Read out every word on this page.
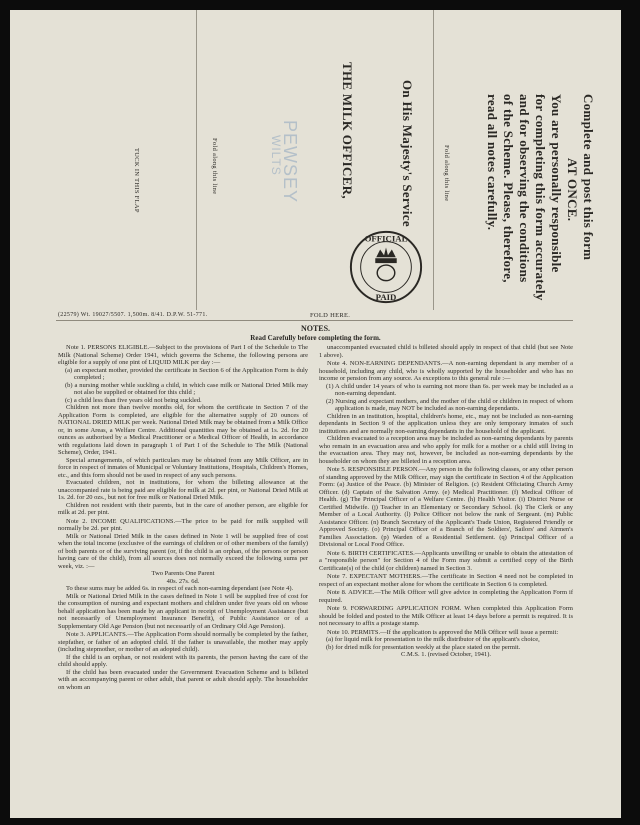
Complete and post this form
AT ONCE.
You are personally responsible
for completing this form accurately
and for observing the conditions
of the Scheme. Please, therefore,
read all notes carefully.
Fold along this line
On His Majesty's Service
THE MILK OFFICER,
OFFICIAL
PAID
PEWSEY
WILTS
Fold along this line
TUCK IN THIS FLAP
(22579) Wt. 19027/5507. 1,500m. 8/41. D.P.W. 51-771.	FOLD HERE.
NOTES.
Read Carefully before completing the form.

Note 1. PERSONS ELIGIBLE.—Subject to the provisions of Part I of the Schedule to The Milk (National Scheme) Order 1941, which governs the Scheme, the following persons are eligible for a supply of one pint of LIQUID MILK per day :—

(a) an expectant mother, provided the certificate in Section 6 of the Application Form is duly completed ;

(b) a nursing mother while suckling a child, in which case milk or National Dried Milk may not also be supplied or obtained for this child ;

(c) a child less than five years old not being suckled.

Children not more than twelve months old, for whom the certificate in Section 7 of the Application Form is completed, are eligible for the alternative supply of 20 ounces of NATIONAL DRIED MILK per week. National Dried Milk may be obtained from a Milk Office or, in some Areas, a Welfare Centre. Additional quantities may be obtained at 1s. 2d. for 20 ounces as authorised by a Medical Practitioner or a Medical Officer of Health, in accordance with regulations laid down in paragraph 1 of Part I of the Schedule to The Milk (National Scheme), Order, 1941.

Special arrangements, of which particulars may be obtained from any Milk Officer, are in force in respect of inmates of Municipal or Voluntary Institutions, Hospitals, Children's Homes, etc., and this form should not be used in respect of any such persons.

Evacuated children, not in institutions, for whom the billeting allowance at the unaccompanied rate is being paid are eligible for milk at 2d. per pint, or National Dried Milk at 1s. 2d. for 20 ozs., but not for free milk or National Dried Milk.

Children not resident with their parents, but in the care of another person, are eligible for milk at 2d. per pint.

Note 2. INCOME QUALIFICATIONS.—The price to be paid for milk supplied will normally be 2d. per pint.

Milk or National Dried Milk in the cases defined in Note 1 will be supplied free of cost when the total income (exclusive of the earnings of children or of other members of the family) of both parents or of the surviving parent (or, if the child is an orphan, of the persons or person having care of the child), from all sources does not normally exceed the following sums per week, viz. :—

Two Parents One Parent

40s. 27s. 6d.

To these sums may be added 6s. in respect of each non-earning dependant (see Note 4).

Milk or National Dried Milk in the cases defined in Note 1 will be supplied free of cost for the consumption of nursing and expectant mothers and children under five years old on whose behalf application has been made by an applicant in receipt of Unemployment Assistance (but not necessarily of Unemployment Insurance Benefit), of Public Assistance or of a Supplementary Old Age Pension (but not necessarily of an Ordinary Old Age Pension).

Note 3. APPLICANTS.—The Application Form should normally be completed by the father, stepfather, or father of an adopted child. If the father is unavailable, the mother may apply (including stepmother, or mother of an adopted child).

If the child is an orphan, or not resident with its parents, the person having the care of the child should apply.

If the child has been evacuated under the Government Evacuation Scheme and is billeted with an accompanying parent or other adult, that parent or adult should apply. The householder on whom an

unaccompanied evacuated child is billeted should apply in respect of that child (but see Note 1 above).

Note 4. NON-EARNING DEPENDANTS.—A non-earning dependant is any member of a household, including any child, who is wholly supported by the householder and who has no income or pension from any source. As exceptions to this general rule :—

(1) A child under 14 years of who is earning not more than 6s. per week may be included as a non-earning dependant.

(2) Nursing and expectant mothers, and the mother of the child or children in respect of whom application is made, may NOT be included as non-earning dependants.

Children in an institution, hospital, children's home, etc., may not be included as non-earning dependants in Section 9 of the application unless they are only temporary inmates of such institutions and are normally non-earning dependants in the household of the applicant.

Children evacuated to a reception area may be included as non-earning dependants by parents who remain in an evacuation area and who apply for milk for a mother or a child still living in the evacuation area. They may not, however, be included as non-earning dependants by the householder on whom they are billeted in a reception area.

Note 5. RESPONSIBLE PERSON.—Any person in the following classes, or any other person of standing approved by the Milk Officer, may sign the certificate in Section 4 of the Application Form: (a) Justice of the Peace. (b) Minister of Religion. (c) Resident Officiating Church Army Officer. (d) Captain of the Salvation Army. (e) Medical Practitioner. (f) Medical Officer of Health. (g) The Principal Officer of a Welfare Centre. (h) Health Visitor. (i) District Nurse or Certified Midwife. (j) Teacher in an Elementary or Secondary School. (k) The Clerk or any Member of a Local Authority. (l) Police Officer not below the rank of Sergeant. (m) Public Assistance Officer. (n) Branch Secretary of the Applicant's Trade Union, Registered Friendly or Approved Society. (o) Principal Officer of a Branch of the Soldiers', Sailors' and Airmen's Families Association. (p) Warden of a Residential Settlement. (q) Principal Officer of a Divisional or Local Food Office.

Note 6. BIRTH CERTIFICATES.—Applicants unwilling or unable to obtain the attestation of a "responsible person" for Section 4 of the Form may submit a certified copy of the Birth Certificate(s) of the child (or children) named in Section 3.

Note 7. EXPECTANT MOTHERS.—The certificate in Section 4 need not be completed in respect of an expectant mother alone for whom the certificate in Section 6 is completed.

Note 8. ADVICE.—The Milk Officer will give advice in completing the Application Form if required.

Note 9. FORWARDING APPLICATION FORM. When completed this Application Form should be folded and posted to the Milk Officer at least 14 days before a permit is required. It is not necessary to affix a postage stamp.

Note 10. PERMITS.—If the application is approved the Milk Officer will issue a permit:

(a) for liquid milk for presentation to the milk distributor of the applicant's choice,

(b) for dried milk for presentation weekly at the place stated on the permit.

C.M.S. 1. (revised October, 1941).
